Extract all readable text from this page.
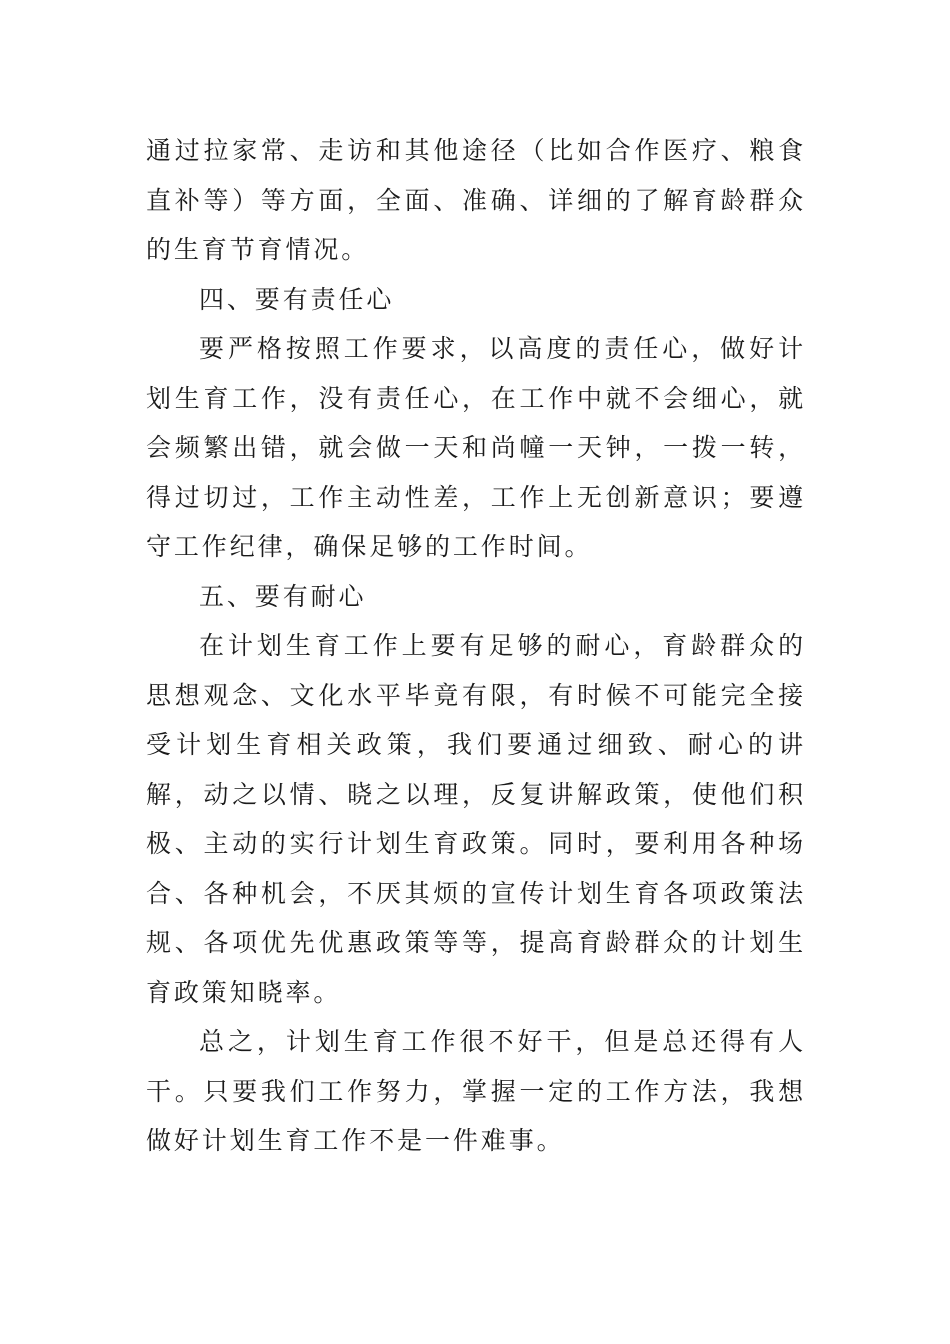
通过拉家常、走访和其他途径（比如合作医疗、粮食直补等）等方面，全面、准确、详细的了解育龄群众的生育节育情况。

四、要有责任心

要严格按照工作要求，以高度的责任心，做好计划生育工作，没有责任心，在工作中就不会细心，就会频繁出错，就会做一天和尚幢一天钟，一拨一转，得过切过，工作主动性差，工作上无创新意识；要遵守工作纪律，确保足够的工作时间。

五、要有耐心

在计划生育工作上要有足够的耐心，育龄群众的思想观念、文化水平毕竟有限，有时候不可能完全接受计划生育相关政策，我们要通过细致、耐心的讲解，动之以情、晓之以理，反复讲解政策，使他们积极、主动的实行计划生育政策。同时，要利用各种场合、各种机会，不厌其烦的宣传计划生育各项政策法规、各项优先优惠政策等等，提高育龄群众的计划生育政策知晓率。

总之，计划生育工作很不好干，但是总还得有人干。只要我们工作努力，掌握一定的工作方法，我想做好计划生育工作不是一件难事。
